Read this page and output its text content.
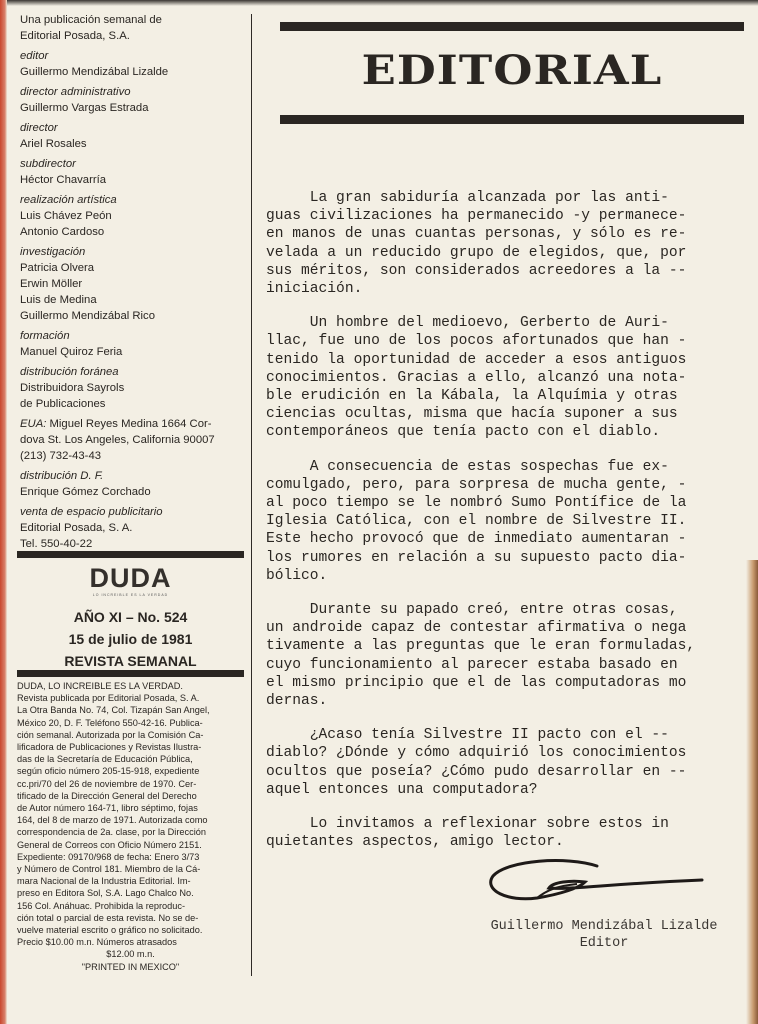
Una publicación semanal de
Editorial Posada, S.A.
editor
Guillermo Mendizábal Lizalde
director administrativo
Guillermo Vargas Estrada
director
Ariel Rosales
subdirector
Héctor Chavarría
realización artística
Luis Chávez Peón
Antonio Cardoso
investigación
Patricia Olvera
Erwin Möller
Luis de Medina
Guillermo Mendizábal Rico
formación
Manuel Quiroz Feria
distribución foránea
Distribuidora Sayrols
de Publicaciones
EUA: Miguel Reyes Medina 1664 Cor-
dova St. Los Angeles, California 90007
(213) 732-43-43
distribución D. F.
Enrique Gómez Corchado
venta de espacio publicitario
Editorial Posada, S. A.
Tel. 550-40-22
DUDA
LO INCREIBLE ES LA VERDAD
AÑO XI – No. 524
15 de julio de 1981
REVISTA SEMANAL

DUDA, LO INCREIBLE ES LA VERDAD.

Revista publicada por Editorial Posada, S. A.

La Otra Banda No. 74, Col. Tizapán San Angel,

México 20, D. F. Teléfono 550-42-16. Publica-

ción semanal. Autorizada por la Comisión Ca-

lificadora de Publicaciones y Revistas Ilustra-

das de la Secretaría de Educación Pública,

según oficio número 205-15-918, expediente

cc.pri/70 del 26 de noviembre de 1970. Cer-

tificado de la Dirección General del Derecho

de Autor número 164-71, libro séptimo, fojas

164, del 8 de marzo de 1971. Autorizada como

correspondencia de 2a. clase, por la Dirección

General de Correos con Oficio Número 2151.

Expediente: 09170/968 de fecha: Enero 3/73

y Número de Control 181. Miembro de la Cá-

mara Nacional de la Industria Editorial. Im-

preso en Editora Sol, S.A. Lago Chalco No.

156 Col. Anáhuac. Prohibida la reproduc-

ción total o parcial de esta revista. No se de-

vuelve material escrito o gráfico no solicitado.

Precio $10.00 m.n. Números atrasados

$12.00 m.n.

"PRINTED IN MEXICO"

EDITORIAL

La gran sabiduría alcanzada por las anti-
guas civilizaciones ha permanecido -y permanece-
en manos de unas cuantas personas, y sólo es re-
velada a un reducido grupo de elegidos, que, por
sus méritos, son considerados acreedores a la --
iniciación.

Un hombre del medioevo, Gerberto de Auri-
llac, fue uno de los pocos afortunados que han -
tenido la oportunidad de acceder a esos antiguos
conocimientos. Gracias a ello, alcanzó una nota-
ble erudición en la Kábala, la Alquímia y otras
ciencias ocultas, misma que hacía suponer a sus
contemporáneos que tenía pacto con el diablo.

A consecuencia de estas sospechas fue ex-
comulgado, pero, para sorpresa de mucha gente, -
al poco tiempo se le nombró Sumo Pontífice de la
Iglesia Católica, con el nombre de Silvestre II.
Este hecho provocó que de inmediato aumentaran -
los rumores en relación a su supuesto pacto dia-
bólico.

Durante su papado creó, entre otras cosas,
un androide capaz de contestar afirmativa o nega
tivamente a las preguntas que le eran formuladas,
cuyo funcionamiento al parecer estaba basado en
el mismo principio que el de las computadoras mo
dernas.

¿Acaso tenía Silvestre II pacto con el --
diablo? ¿Dónde y cómo adquirió los conocimientos
ocultos que poseía? ¿Cómo pudo desarrollar en --
aquel entonces una computadora?

Lo invitamos a reflexionar sobre estos in
quietantes aspectos, amigo lector.

Guillermo Mendizábal Lizalde
Editor
